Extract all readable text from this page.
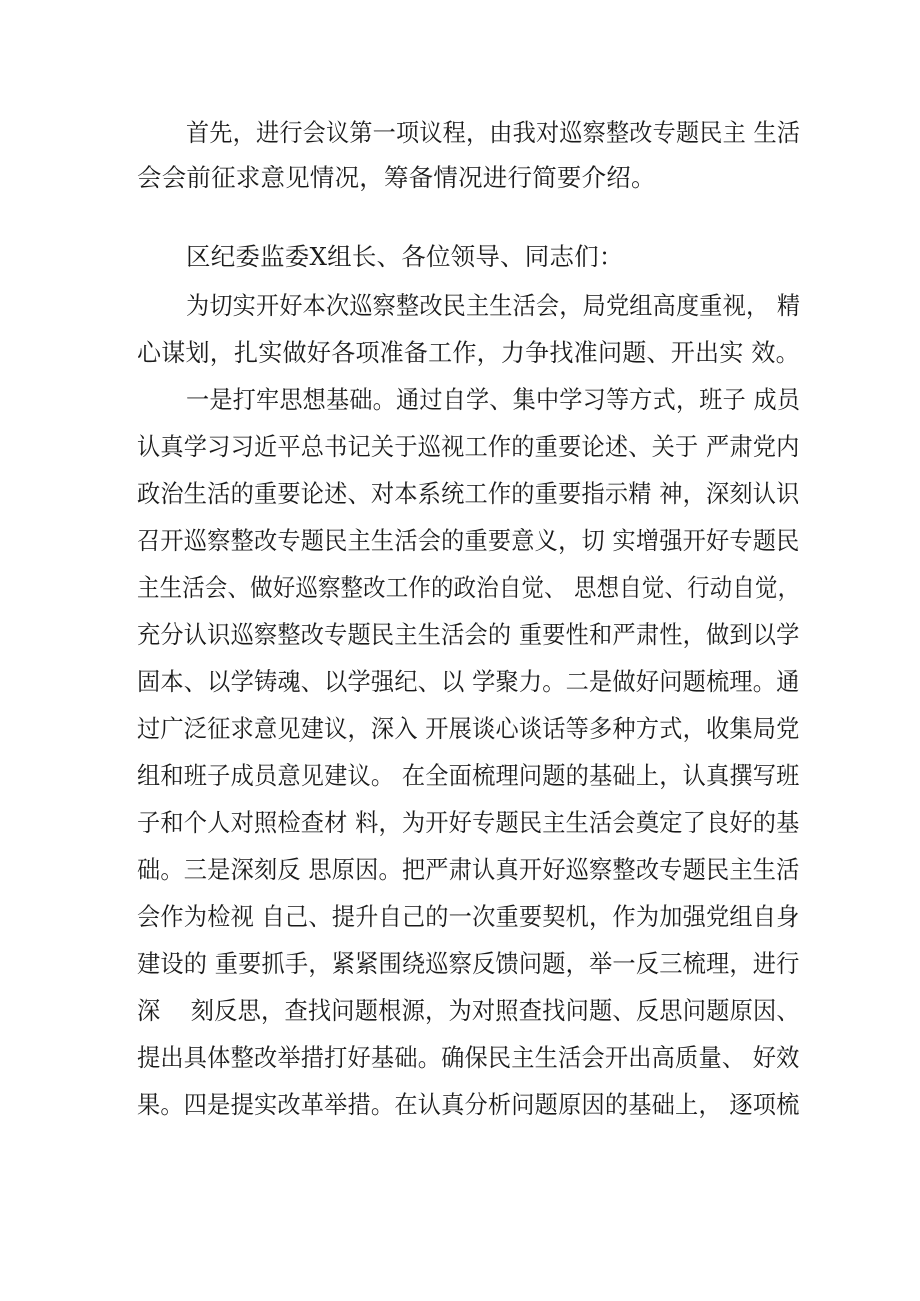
首先，进行会议第一项议程，由我对巡察整改专题民主 生活
会会前征求意见情况，筹备情况进行简要介绍。
区纪委监委X组长、各位领导、同志们：
为切实开好本次巡察整改民主生活会，局党组高度重视， 精
心谋划，扎实做好各项准备工作，力争找准问题、开出实 效。
一是打牢思想基础。通过自学、集中学习等方式，班子 成员
认真学习习近平总书记关于巡视工作的重要论述、关于 严肃党内
政治生活的重要论述、对本系统工作的重要指示精 神，深刻认识
召开巡察整改专题民主生活会的重要意义，切 实增强开好专题民
主生活会、做好巡察整改工作的政治自觉、 思想自觉、行动自觉，
充分认识巡察整改专题民主生活会的 重要性和严肃性，做到以学
固本、以学铸魂、以学强纪、以 学聚力。二是做好问题梳理。通
过广泛征求意见建议，深入 开展谈心谈话等多种方式，收集局党
组和班子成员意见建议。 在全面梳理问题的基础上，认真撰写班
子和个人对照检查材 料，为开好专题民主生活会奠定了良好的基
础。三是深刻反 思原因。把严肃认真开好巡察整改专题民主生活
会作为检视 自己、提升自己的一次重要契机，作为加强党组自身
建设的 重要抓手，紧紧围绕巡察反馈问题，举一反三梳理，进行
深    刻反思，查找问题根源，为对照查找问题、反思问题原因、
提出具体整改举措打好基础。确保民主生活会开出高质量、 好效
果。四是提实改革举措。在认真分析问题原因的基础上， 逐项梳
